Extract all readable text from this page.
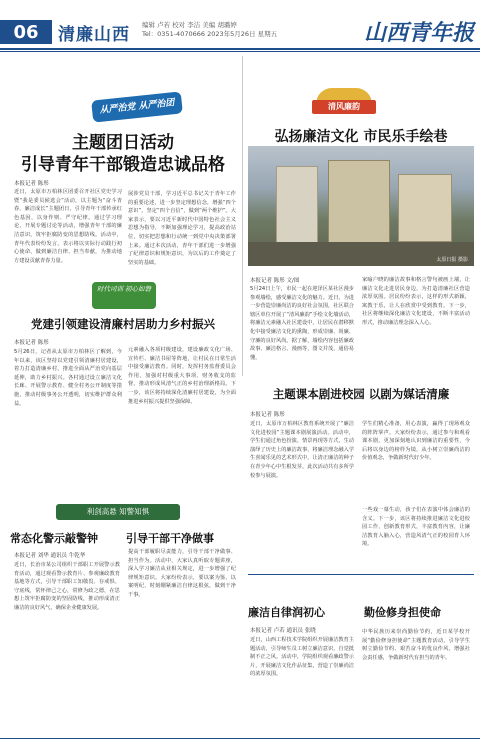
06	清廉山西 编辑 卢若 校对 李洁 美编 胡璐婷
Tel：0351-4070666 2023年5月26日 星期五	山西青年报
从严治党 从严治团
主题团日活动
引导青年干部锻造忠诚品格
本报记者 陈彤
近日，太原市万柏林区团委召开社区党史学习暨“我是委员候选会”活动，以主题为“奋斗青春、廉洁成长”主题团日，引导青年干部传承红色基因，以身作则、严守纪律。通过学习理论、开展专题讨论等活动，增强青年干部的廉洁意识，筑牢拒腐防变的思想防线。活动中，青年代表纷纷发言，表示将以实际行动践行初心使命，做到廉洁自律、担当奉献，为推动地方建设贡献青春力量。
展涉党员干部，学习近平总书记关于青年工作的重要论述，进一步坚定理想信念，增强“四个意识”，坚定“四个自信”，做到“两个维护”。大家表示，要以习近平新时代中国特色社会主义思想为指导，不断加强理论学习，提高政治站位，切实把思想和行动统一到党中央决策部署上来。通过本次活动，青年干部们进一步增强了纪律意识和规矩意识，为以后的工作奠定了坚实的基础。
清风廉韵
弘扬廉洁文化 市民乐手绘巷
太原日报 摄影
本报记者 陈彤 文/图
5月24日上午，市民一起在迎泽区某社区漫步参观墙绘，感受廉洁文化的魅力。近日，为进一步营造崇廉尚洁的良好社会氛围，社区联合辖区单位开展了“清风廉韵”手绘文化墙活动，将廉洁元素融入社区建设中，让居民在潜移默化中接受廉洁文化的熏陶，形成崇廉、尚廉、守廉的良好风尚。据了解，墙绘内容包括廉政故事、廉洁格言、漫画等，图文并茂，通俗易懂。
家喻户晓的廉洁故事和格言警句被画上墙，让廉洁文化走进居民身边，为打造清廉社区营造浓厚氛围。居民纷纷表示，这样的形式新颖，寓教于乐，让人在欣赏中受到教育。下一步，社区将继续深化廉洁文化建设，不断丰富活动形式，推动廉洁理念深入人心。
时代司训 初心如磐
党建引领建设清廉村居助力乡村振兴
本报记者 陈彤
5月26日，记者从太原市万柏林区了解到，今年以来，该区坚持以党建引领清廉村居建设，着力打造清廉乡村，推进全面从严治党向基层延伸，助力乡村振兴。各村通过设立廉洁文化长廊、开展警示教育、健全村务公开制度等措施，推动村级事务公开透明，切实维护群众利益。
元素融入各项村级建设，建设廉政文化广场、宣传栏、廉洁书屋等阵地，让村民在日常生活中接受廉洁教育。同时，发挥村务监督委员会作用，加强对村级重大事项、财务收支的监督，推动形成风清气正的乡村治理新格局。下一步，该区将持续深化清廉村居建设，为全面推进乡村振兴提供坚强保障。
主题课本剧进校园 以剧为媒话清廉
本报记者 陈彤
近日，太原市万柏林区教育系统开展了“廉洁文化进校园”主题课本剧展演活动。活动中，学生们通过角色扮演、情景再现等方式，生动演绎了历史上的廉洁故事，将廉洁理念融入学生喜闻乐见的艺术形式中，让清正廉洁的种子在青少年心中生根发芽。此次活动共有多所学校参与展演。
学生们精心准备，用心表演，赢得了现场观众的阵阵掌声。大家纷纷表示，通过参与和观看课本剧，更加深刻地认识到廉洁的重要性，今后将以身边的榜样为镜，从小树立崇廉尚洁的价值观念，争做新时代好少年。
一些戏一幕生动，孩子们在表演中体会廉洁的含义。下一步，该区将持续推进廉洁文化进校园工作，创新教育形式，丰富教育内容，让廉洁教育入脑入心，营造风清气正的校园育人环境。
利剑高悬 知警知惧
常态化警示敲警钟	引导干部干净做事
本报记者 刘华 通讯员 牛乾华
近日，长治市某公司组织干部职工开展警示教育活动，通过观看警示教育片、参观廉政教育基地等方式，引导干部职工知敬畏、存戒惧、守底线，常怀律己之心，常修为政之德，在思想上筑牢拒腐防变的坚固防线，推动形成清正廉洁的良好风气，确保企业健康发展。
提高干部履职尽责能力，引导干部干净做事、担当作为。活动中，大家认真听取专题讲座，深入学习廉洁从业相关规定，进一步增强了纪律规矩意识。大家纷纷表示，要以案为鉴、以案明纪，时刻绷紧廉洁自律这根弦，做到干净干事。
廉洁自律润初心	勤俭修身担使命
本报记者 卢若 通讯员 张晓
近日，山西工程技术学院组织开展廉洁教育主题活动，引导师生员工树立廉洁意识，自觉抵制不正之风。活动中，学院组织观看廉政警示片，开展廉洁文化作品征集，营造了崇廉尚洁的浓厚氛围。
中华民族历来崇尚勤俭节约，近日某学校开展“勤俭修身担使命”主题教育活动，引导学生树立勤俭节约、艰苦奋斗的优良作风，增强社会责任感，争做新时代有担当的青年。
